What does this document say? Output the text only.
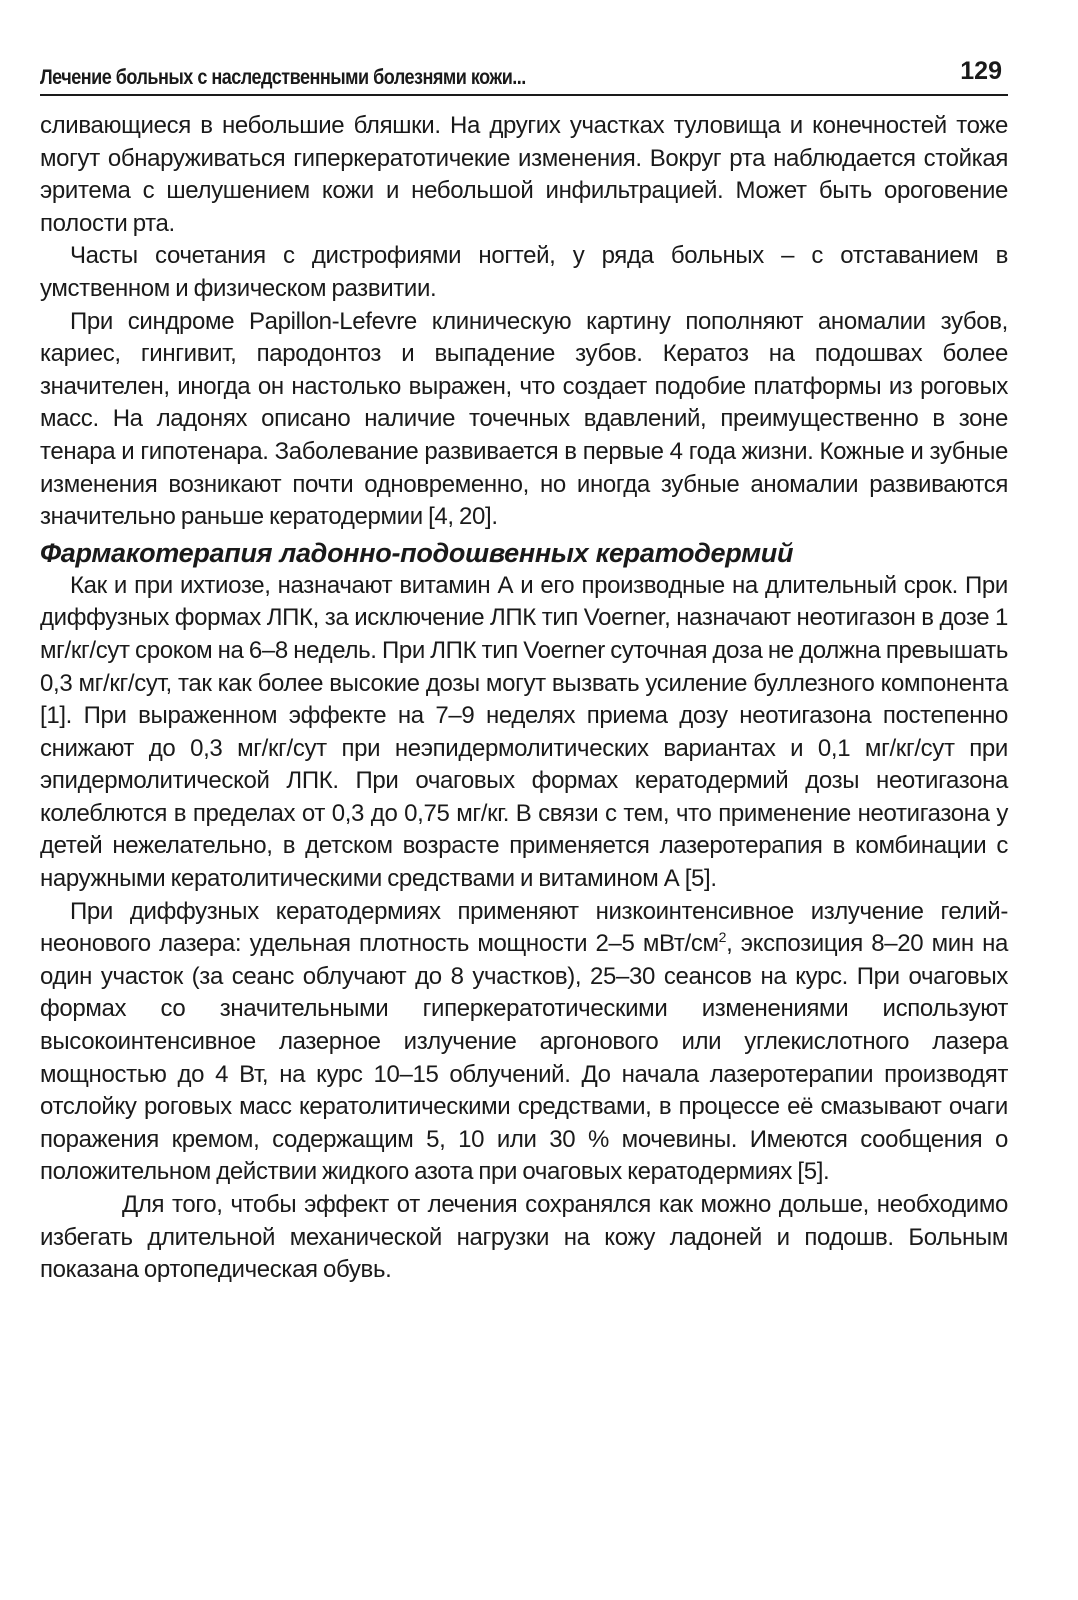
Лечение больных с наследственными болезнями кожи...	129

сливающиеся в небольшие бляшки. На других участках туловища и конечностей тоже могут обнаруживаться гиперкератотичекие изменения. Вокруг рта наблюдается стойкая эритема с шелушением кожи и небольшой инфильтрацией. Может быть ороговение полости рта.

Часты сочетания с дистрофиями ногтей, у ряда больных – с отставанием в умственном и физическом развитии.

При синдроме Papillon-Lefevre клиническую картину пополняют аномалии зубов, кариес, гингивит, пародонтоз и выпадение зубов. Кератоз на подошвах более значителен, иногда он настолько выражен, что создает подобие платформы из роговых масс. На ладонях описано наличие точечных вдавлений, преимущественно в зоне тенара и гипотенара. Заболевание развивается в первые 4 года жизни. Кожные и зубные изменения возникают почти одновременно, но иногда зубные аномалии развиваются значительно раньше кератодермии [4, 20].

Фармакотерапия ладонно-подошвенных кератодермий

Как и при ихтиозе, назначают витамин А и его производные на длительный срок. При диффузных формах ЛПК, за исключение ЛПК тип Voerner, назначают неотигазон в дозе 1 мг/кг/сут сроком на 6–8 недель. При ЛПК тип Voerner суточная доза не должна превышать 0,3 мг/кг/сут, так как более высокие дозы могут вызвать усиление буллезного компонента [1]. При выраженном эффекте на 7–9 неделях приема дозу неотигазона постепенно снижают до 0,3 мг/кг/сут при неэпидермолитических вариантах и 0,1 мг/кг/сут при эпидермолитической ЛПК. При очаговых формах кератодермий дозы неотигазона колеблются в пределах от 0,3 до 0,75 мг/кг. В связи с тем, что применение неотигазона у детей нежелательно, в детском возрасте применяется лазеротерапия в комбинации с наружными кератолитическими средствами и витамином А [5].

При диффузных кератодермиях применяют низкоинтенсивное излучение гелий-неонового лазера: удельная плотность мощности 2–5 мВт/$см^2$, экспозиция 8–20 мин на один участок (за сеанс облучают до 8 участков), 25–30 сеансов на курс. При очаговых формах со значительными гиперкератотическими изменениями используют высокоинтенсивное лазерное излучение аргонового или углекислотного лазера мощностью до 4 Вт, на курс 10–15 облучений. До начала лазеротерапии производят отслойку роговых масс кератолитическими средствами, в процессе её смазывают очаги поражения кремом, содержащим 5, 10 или 30 % мочевины. Имеются сообщения о положительном действии жидкого азота при очаговых кератодермиях [5].

Для того, чтобы эффект от лечения сохранялся как можно дольше, необходимо избегать длительной механической нагрузки на кожу ладоней и подошв. Больным показана ортопедическая обувь.
